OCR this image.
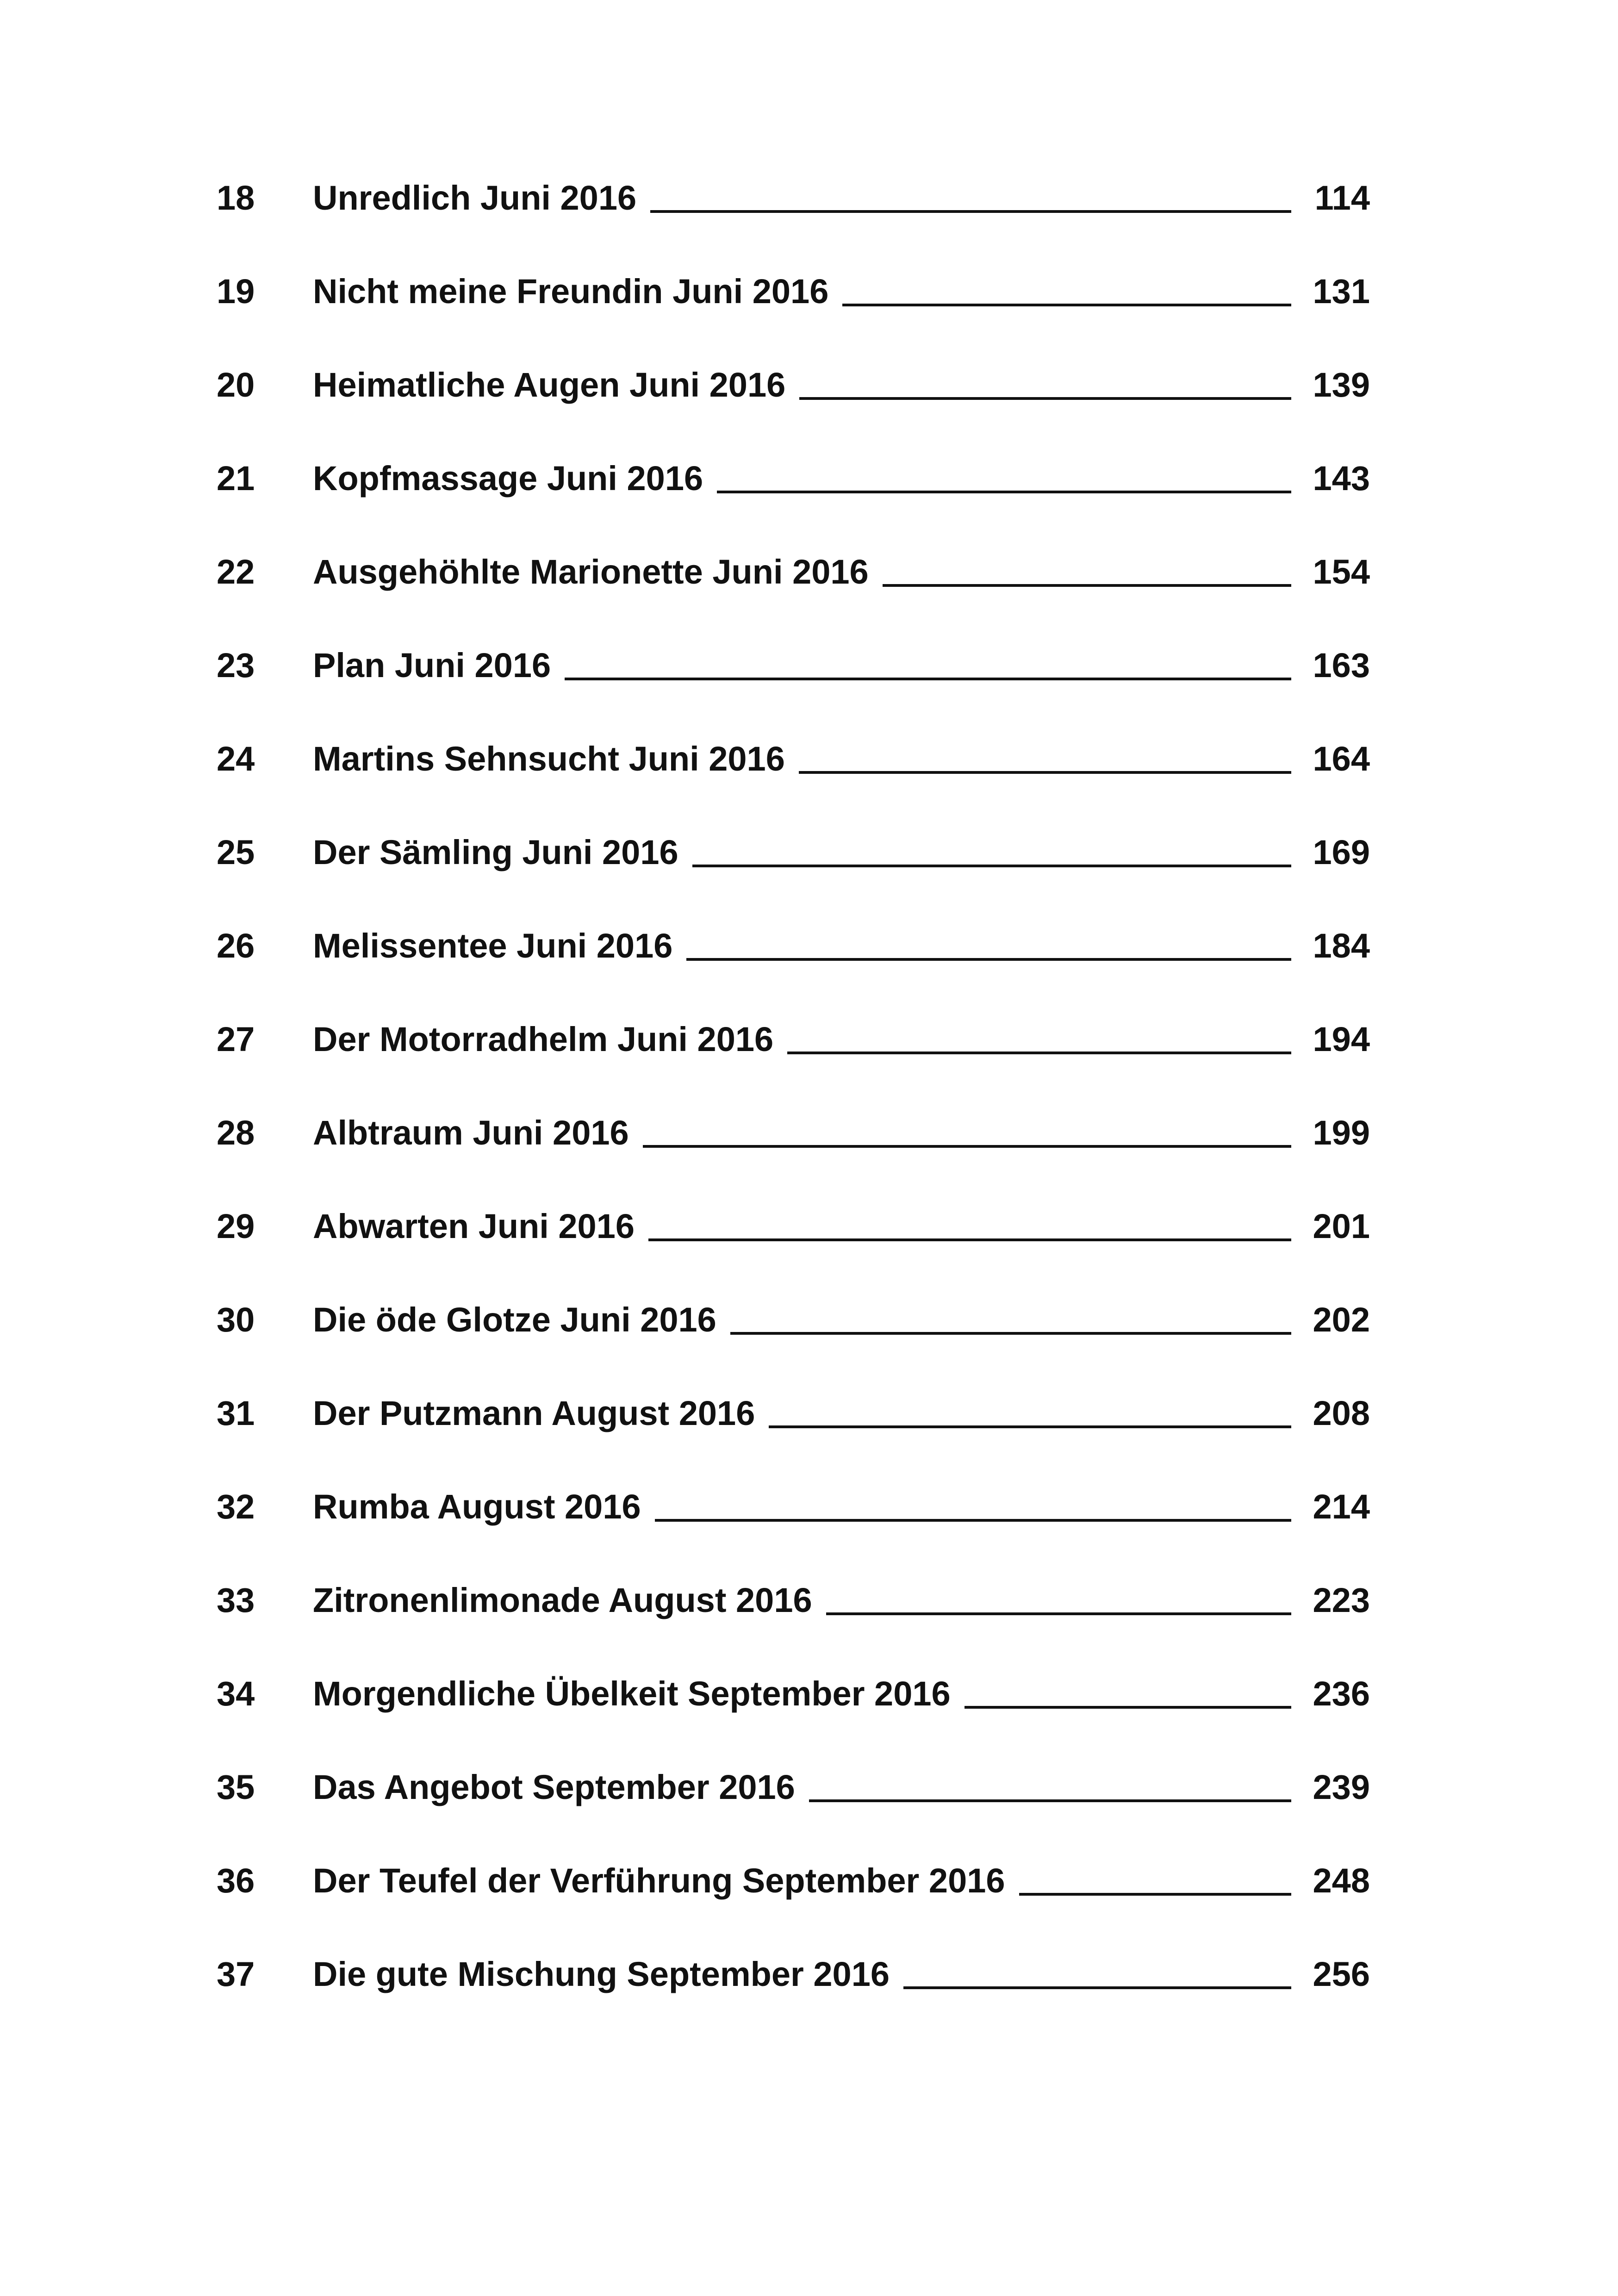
18	Unredlich Juni 2016	114
19	Nicht meine Freundin Juni 2016	131
20	Heimatliche Augen Juni 2016	139
21	Kopfmassage Juni 2016	143
22	Ausgehöhlte Marionette Juni 2016	154
23	Plan Juni 2016	163
24	Martins Sehnsucht Juni 2016	164
25	Der Sämling Juni 2016	169
26	Melissentee Juni 2016	184
27	Der Motorradhelm Juni 2016	194
28	Albtraum Juni 2016	199
29	Abwarten Juni 2016	201
30	Die öde Glotze Juni 2016	202
31	Der Putzmann August 2016	208
32	Rumba August 2016	214
33	Zitronenlimonade August 2016	223
34	Morgendliche Übelkeit September 2016	236
35	Das Angebot September 2016	239
36	Der Teufel der Verführung September 2016	248
37	Die gute Mischung September 2016	256
